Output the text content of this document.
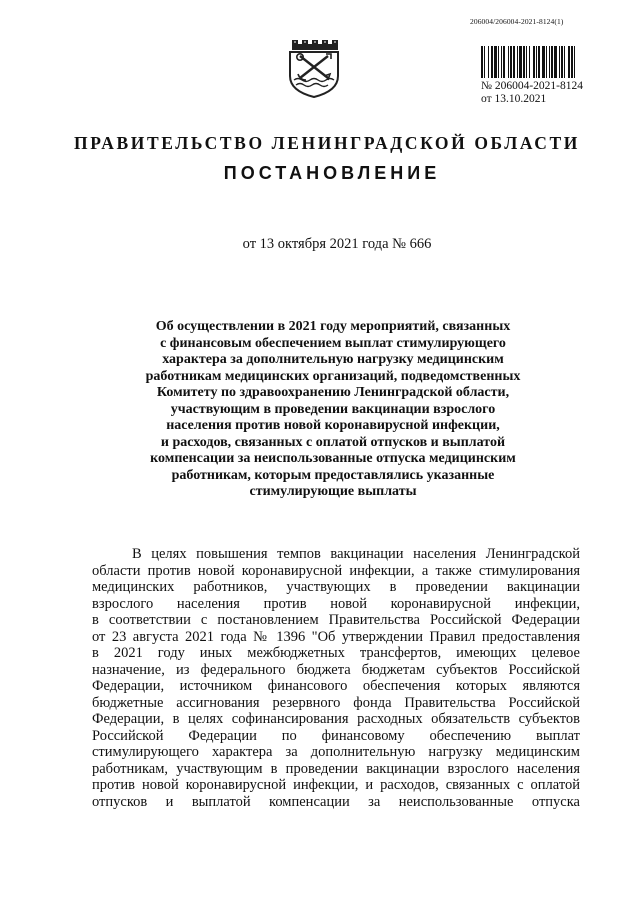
206004/206004-2021-8124(1)
№ 206004-2021-8124
от 13.10.2021
ПРАВИТЕЛЬСТВО ЛЕНИНГРАДСКОЙ ОБЛАСТИ
ПОСТАНОВЛЕНИЕ
от 13 октября 2021 года № 666
Об осуществлении в 2021 году мероприятий, связанных
с финансовым обеспечением выплат стимулирующего
характера за дополнительную нагрузку медицинским
работникам медицинских организаций, подведомственных
Комитету по здравоохранению Ленинградской области,
участвующим в проведении вакцинации взрослого
населения против новой коронавирусной инфекции,
и расходов, связанных с оплатой отпусков и выплатой
компенсации за неиспользованные отпуска медицинским
работникам, которым предоставлялись указанные
стимулирующие выплаты
В целях повышения темпов вакцинации населения Ленинградской
области против новой коронавирусной инфекции, а также стимулирования
медицинских работников, участвующих в проведении вакцинации
взрослого населения против новой коронавирусной инфекции,
в соответствии с постановлением Правительства Российской Федерации
от 23 августа 2021 года № 1396 "Об утверждении Правил предоставления
в 2021 году иных межбюджетных трансфертов, имеющих целевое
назначение, из федерального бюджета бюджетам субъектов Российской
Федерации, источником финансового обеспечения которых являются
бюджетные ассигнования резервного фонда Правительства Российской
Федерации, в целях софинансирования расходных обязательств субъектов
Российской Федерации по финансовому обеспечению выплат
стимулирующего характера за дополнительную нагрузку медицинским
работникам, участвующим в проведении вакцинации взрослого населения
против новой коронавирусной инфекции, и расходов, связанных с оплатой
отпусков и выплатой компенсации за неиспользованные отпуска
